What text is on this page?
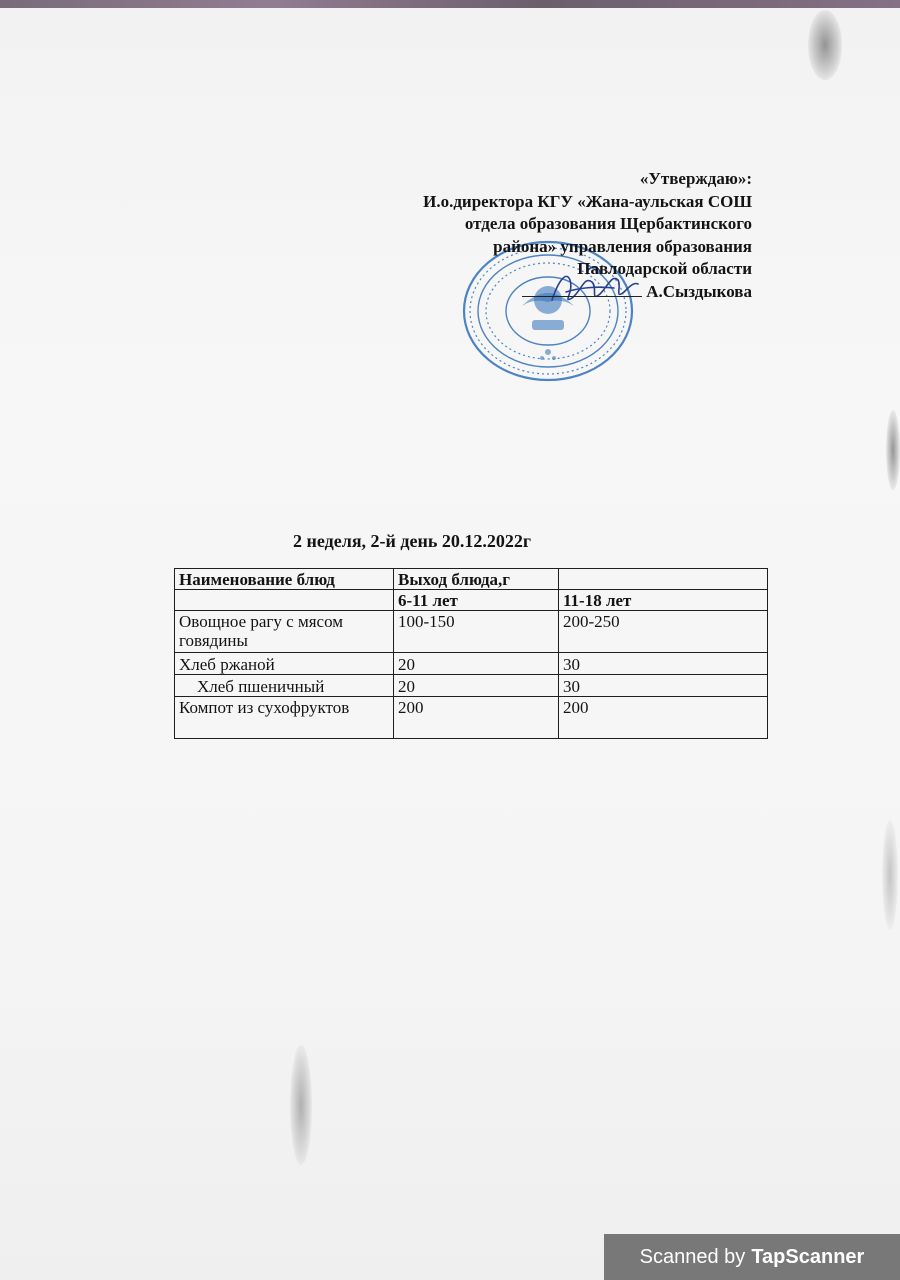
«Утверждаю»:
И.о.директора КГУ «Жана-аульская СОШ
отдела образования Щербактинского
района» управления образования
Павлодарской области
А.Сыздыкова
2 неделя, 2-й день 20.12.2022г
Наименование блюд	Выход блюда,г	
	6-11 лет	11-18 лет
Овощное рагу с мясом говядины	100-150	200-250
Хлеб ржаной	20	30
Хлеб пшеничный	20	30
Компот из сухофруктов	200	200
Scanned by TapScanner
